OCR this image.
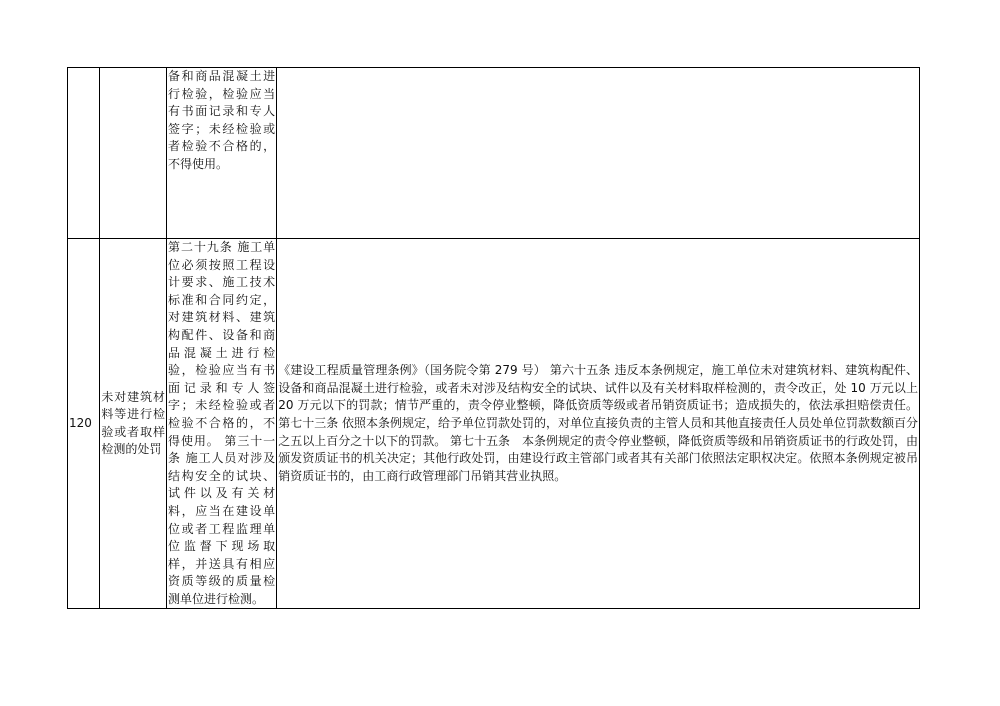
		备和商品混凝土进行检验，检验应当有书面记录和专人签字；未经检验或者检验不合格的，不得使用。	

120	未对建筑材料等进行检验或者取样检测的处罚	第二十九条 施工单位必须按照工程设计要求、施工技术标准和合同约定，对建筑材料、建筑构配件、设备和商品混凝土进行检验，检验应当有书面记录和专人签字；未经检验或者检验不合格的，不得使用。 第三十一条 施工人员对涉及结构安全的试块、试件以及有关材料，应当在建设单位或者工程监理单位监督下现场取样，并送具有相应资质等级的质量检测单位进行检测。	《建设工程质量管理条例》（国务院令第 279 号） 第六十五条 违反本条例规定，施工单位未对建筑材料、建筑构配件、设备和商品混凝土进行检验，或者未对涉及结构安全的试块、试件以及有关材料取样检测的，责令改正，处 10 万元以上 20 万元以下的罚款；情节严重的，责令停业整顿，降低资质等级或者吊销资质证书；造成损失的，依法承担赔偿责任。 第七十三条 依照本条例规定，给予单位罚款处罚的，对单位直接负责的主管人员和其他直接责任人员处单位罚款数额百分之五以上百分之十以下的罚款。 第七十五条　本条例规定的责令停业整顿，降低资质等级和吊销资质证书的行政处罚，由颁发资质证书的机关决定；其他行政处罚，由建设行政主管部门或者其有关部门依照法定职权决定。依照本条例规定被吊销资质证书的，由工商行政管理部门吊销其营业执照。
